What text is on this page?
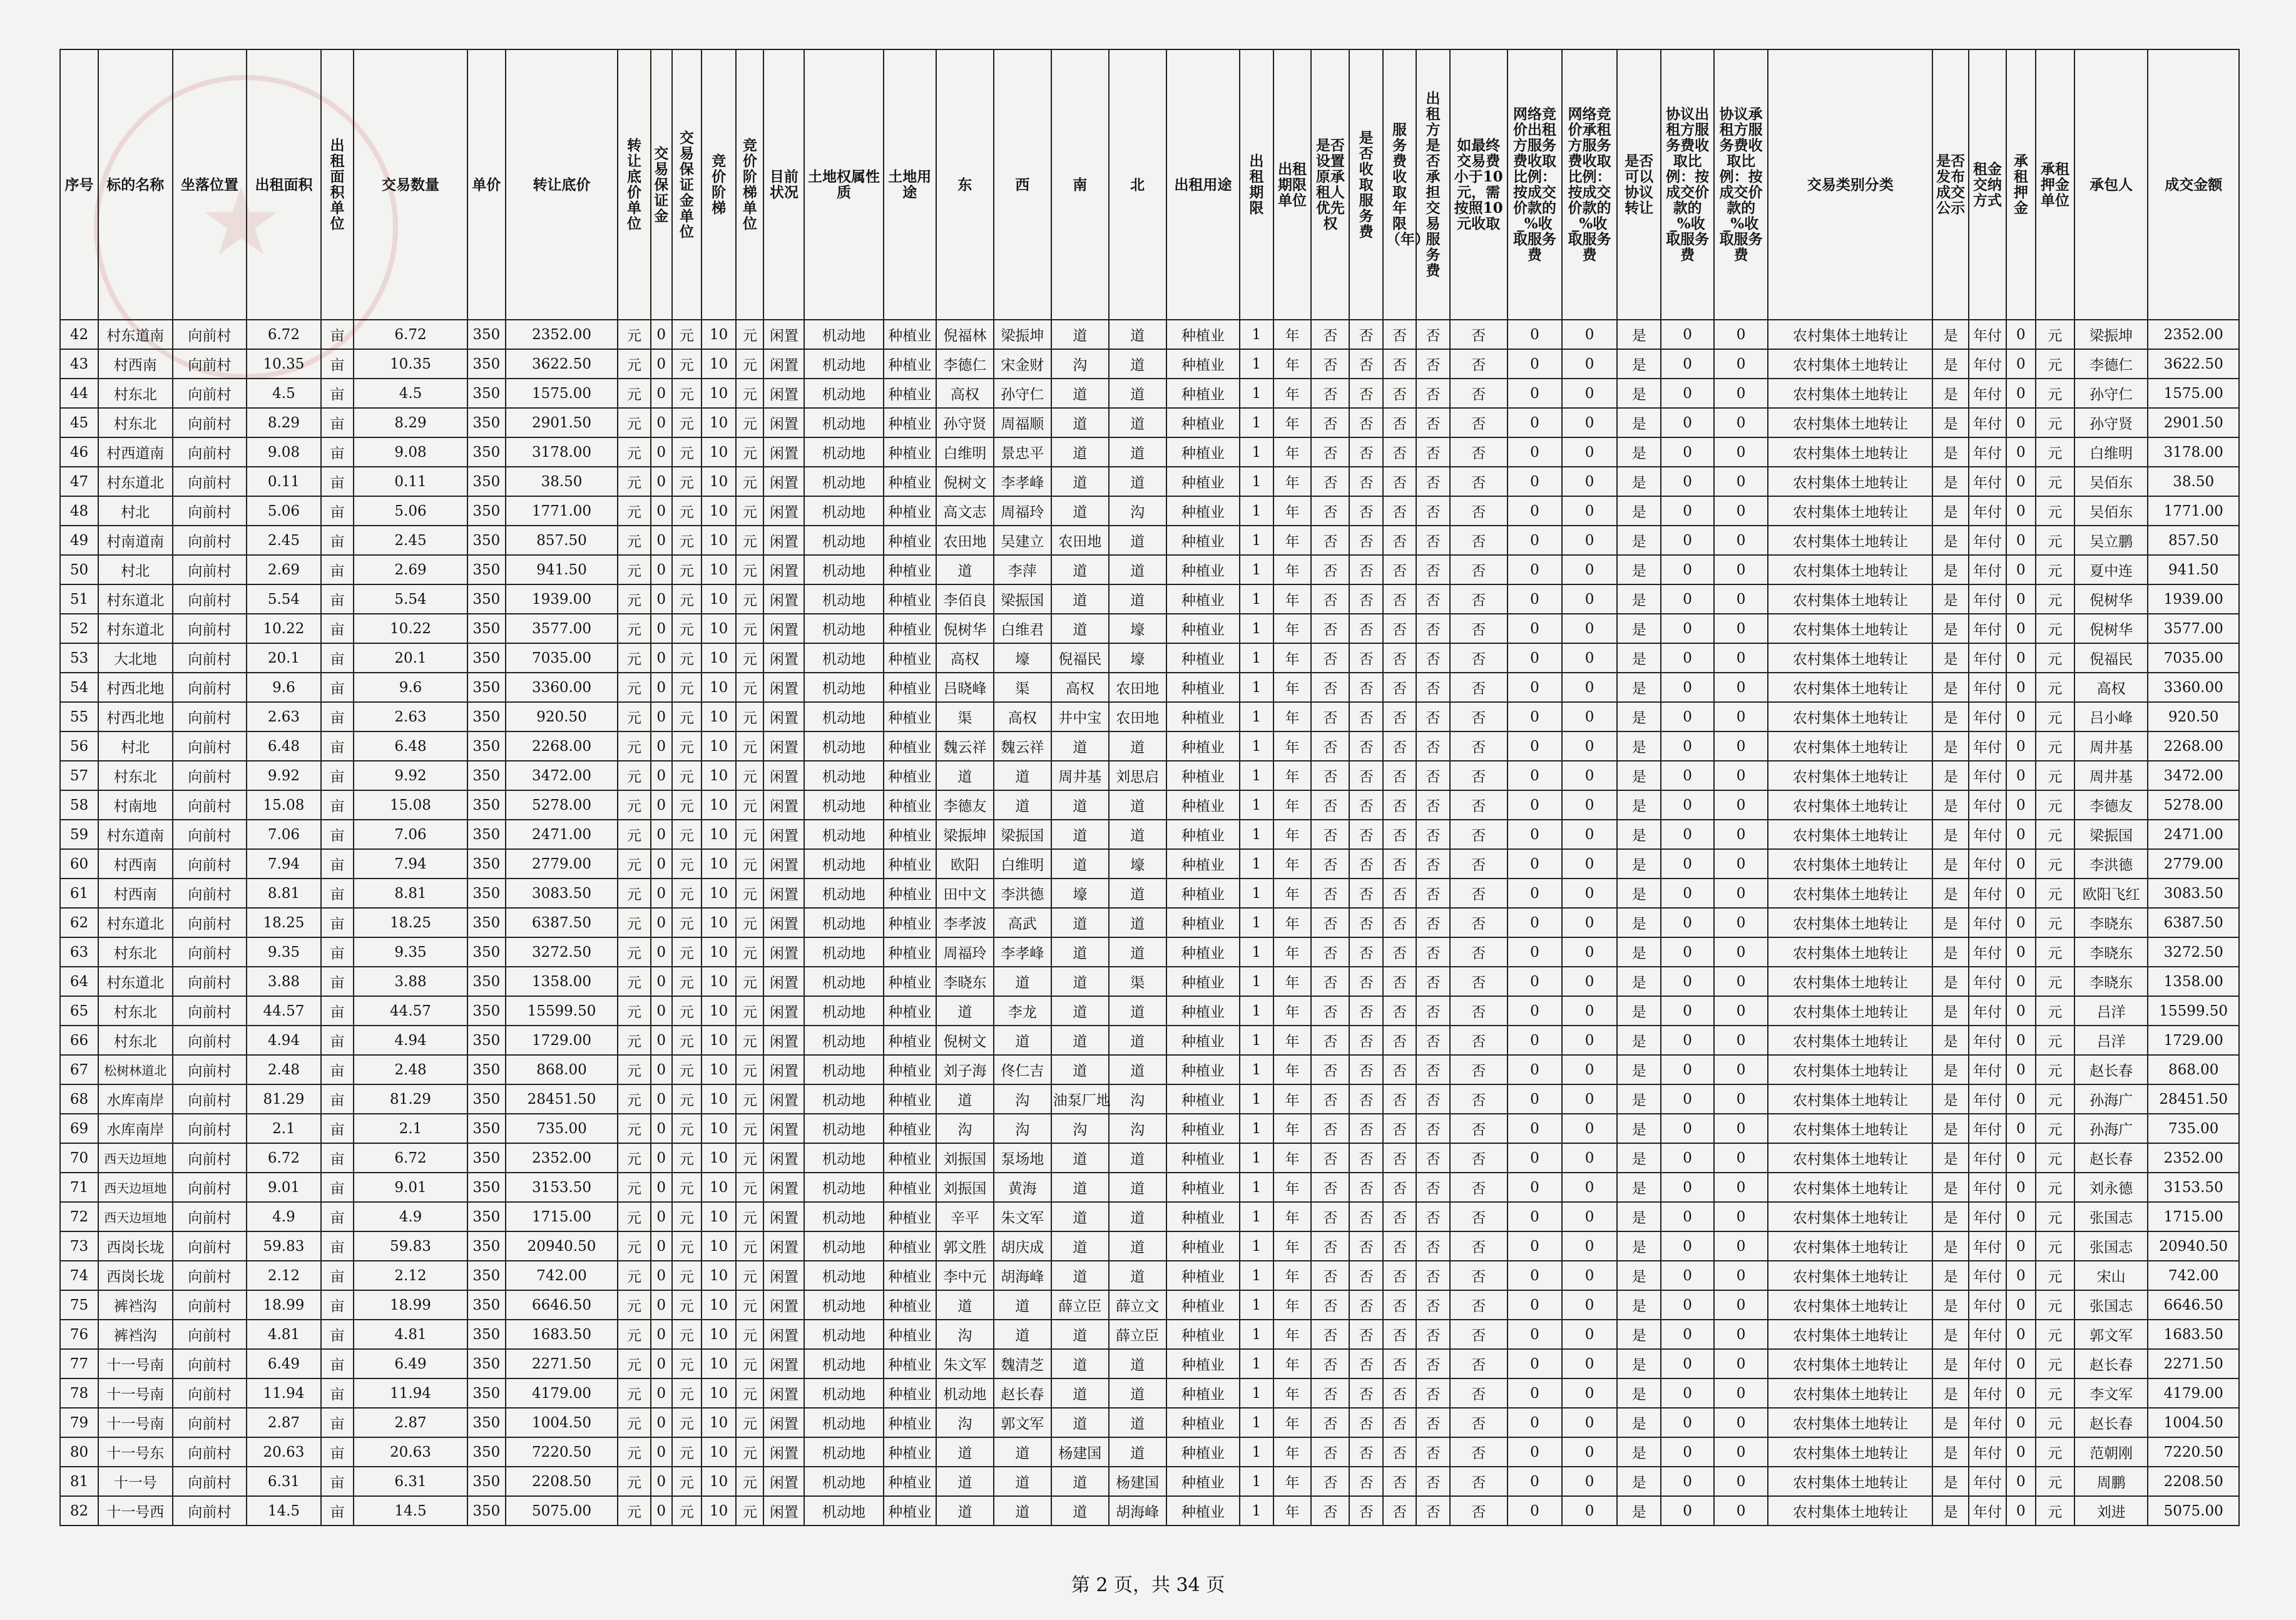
★
序号	标的名称	坐落位置	出租面积	出租面积单位	交易数量	单价	转让底价	转让底价单位	交易保证金	交易保证金单位	竞价阶梯	竞价阶梯单位	目前状况	土地权属性质	土地用途	东	西	南	北	出租用途	出租期限	出租期限单位	是否设置原承租人优先权	是否收取服务费	服务费收取年限（年）	出租方是否承担交易服务费	如最终交易费小于10元，需按照10元收取	网络竞价出租方服务费收取比例：按成交价款的_%收取服务费	网络竞价承租方服务费收取比例：按成交价款的_%收取服务费	是否可以协议转让	协议出租方服务费收取比例：按成交价款的_%收取服务费	协议承租方服务费收取比例：按成交价款的_%收取服务费	交易类别分类	是否发布成交公示	租金交纳方式	承租押金	承租押金单位	承包人	成交金额
42	村东道南	向前村	6.72	亩	6.72	350	2352.00	元	0	元	10	元	闲置	机动地	种植业	倪福林	梁振坤	道	道	种植业	1	年	否	否	否	否	否	0	0	是	0	0	农村集体土地转让	是	年付	0	元	梁振坤	2352.00
43	村西南	向前村	10.35	亩	10.35	350	3622.50	元	0	元	10	元	闲置	机动地	种植业	李德仁	宋金财	沟	道	种植业	1	年	否	否	否	否	否	0	0	是	0	0	农村集体土地转让	是	年付	0	元	李德仁	3622.50
44	村东北	向前村	4.5	亩	4.5	350	1575.00	元	0	元	10	元	闲置	机动地	种植业	高权	孙守仁	道	道	种植业	1	年	否	否	否	否	否	0	0	是	0	0	农村集体土地转让	是	年付	0	元	孙守仁	1575.00
45	村东北	向前村	8.29	亩	8.29	350	2901.50	元	0	元	10	元	闲置	机动地	种植业	孙守贤	周福顺	道	道	种植业	1	年	否	否	否	否	否	0	0	是	0	0	农村集体土地转让	是	年付	0	元	孙守贤	2901.50
46	村西道南	向前村	9.08	亩	9.08	350	3178.00	元	0	元	10	元	闲置	机动地	种植业	白维明	景忠平	道	道	种植业	1	年	否	否	否	否	否	0	0	是	0	0	农村集体土地转让	是	年付	0	元	白维明	3178.00
47	村东道北	向前村	0.11	亩	0.11	350	38.50	元	0	元	10	元	闲置	机动地	种植业	倪树文	李孝峰	道	道	种植业	1	年	否	否	否	否	否	0	0	是	0	0	农村集体土地转让	是	年付	0	元	吴佰东	38.50
48	村北	向前村	5.06	亩	5.06	350	1771.00	元	0	元	10	元	闲置	机动地	种植业	高文志	周福玲	道	沟	种植业	1	年	否	否	否	否	否	0	0	是	0	0	农村集体土地转让	是	年付	0	元	吴佰东	1771.00
49	村南道南	向前村	2.45	亩	2.45	350	857.50	元	0	元	10	元	闲置	机动地	种植业	农田地	吴建立	农田地	道	种植业	1	年	否	否	否	否	否	0	0	是	0	0	农村集体土地转让	是	年付	0	元	吴立鹏	857.50
50	村北	向前村	2.69	亩	2.69	350	941.50	元	0	元	10	元	闲置	机动地	种植业	道	李萍	道	道	种植业	1	年	否	否	否	否	否	0	0	是	0	0	农村集体土地转让	是	年付	0	元	夏中连	941.50
51	村东道北	向前村	5.54	亩	5.54	350	1939.00	元	0	元	10	元	闲置	机动地	种植业	李佰良	梁振国	道	道	种植业	1	年	否	否	否	否	否	0	0	是	0	0	农村集体土地转让	是	年付	0	元	倪树华	1939.00
52	村东道北	向前村	10.22	亩	10.22	350	3577.00	元	0	元	10	元	闲置	机动地	种植业	倪树华	白维君	道	壕	种植业	1	年	否	否	否	否	否	0	0	是	0	0	农村集体土地转让	是	年付	0	元	倪树华	3577.00
53	大北地	向前村	20.1	亩	20.1	350	7035.00	元	0	元	10	元	闲置	机动地	种植业	高权	壕	倪福民	壕	种植业	1	年	否	否	否	否	否	0	0	是	0	0	农村集体土地转让	是	年付	0	元	倪福民	7035.00
54	村西北地	向前村	9.6	亩	9.6	350	3360.00	元	0	元	10	元	闲置	机动地	种植业	吕晓峰	渠	高权	农田地	种植业	1	年	否	否	否	否	否	0	0	是	0	0	农村集体土地转让	是	年付	0	元	高权	3360.00
55	村西北地	向前村	2.63	亩	2.63	350	920.50	元	0	元	10	元	闲置	机动地	种植业	渠	高权	井中宝	农田地	种植业	1	年	否	否	否	否	否	0	0	是	0	0	农村集体土地转让	是	年付	0	元	吕小峰	920.50
56	村北	向前村	6.48	亩	6.48	350	2268.00	元	0	元	10	元	闲置	机动地	种植业	魏云祥	魏云祥	道	道	种植业	1	年	否	否	否	否	否	0	0	是	0	0	农村集体土地转让	是	年付	0	元	周井基	2268.00
57	村东北	向前村	9.92	亩	9.92	350	3472.00	元	0	元	10	元	闲置	机动地	种植业	道	道	周井基	刘思启	种植业	1	年	否	否	否	否	否	0	0	是	0	0	农村集体土地转让	是	年付	0	元	周井基	3472.00
58	村南地	向前村	15.08	亩	15.08	350	5278.00	元	0	元	10	元	闲置	机动地	种植业	李德友	道	道	道	种植业	1	年	否	否	否	否	否	0	0	是	0	0	农村集体土地转让	是	年付	0	元	李德友	5278.00
59	村东道南	向前村	7.06	亩	7.06	350	2471.00	元	0	元	10	元	闲置	机动地	种植业	梁振坤	梁振国	道	道	种植业	1	年	否	否	否	否	否	0	0	是	0	0	农村集体土地转让	是	年付	0	元	梁振国	2471.00
60	村西南	向前村	7.94	亩	7.94	350	2779.00	元	0	元	10	元	闲置	机动地	种植业	欧阳	白维明	道	壕	种植业	1	年	否	否	否	否	否	0	0	是	0	0	农村集体土地转让	是	年付	0	元	李洪德	2779.00
61	村西南	向前村	8.81	亩	8.81	350	3083.50	元	0	元	10	元	闲置	机动地	种植业	田中文	李洪德	壕	道	种植业	1	年	否	否	否	否	否	0	0	是	0	0	农村集体土地转让	是	年付	0	元	欧阳飞红	3083.50
62	村东道北	向前村	18.25	亩	18.25	350	6387.50	元	0	元	10	元	闲置	机动地	种植业	李孝波	高武	道	道	种植业	1	年	否	否	否	否	否	0	0	是	0	0	农村集体土地转让	是	年付	0	元	李晓东	6387.50
63	村东北	向前村	9.35	亩	9.35	350	3272.50	元	0	元	10	元	闲置	机动地	种植业	周福玲	李孝峰	道	道	种植业	1	年	否	否	否	否	否	0	0	是	0	0	农村集体土地转让	是	年付	0	元	李晓东	3272.50
64	村东道北	向前村	3.88	亩	3.88	350	1358.00	元	0	元	10	元	闲置	机动地	种植业	李晓东	道	道	渠	种植业	1	年	否	否	否	否	否	0	0	是	0	0	农村集体土地转让	是	年付	0	元	李晓东	1358.00
65	村东北	向前村	44.57	亩	44.57	350	15599.50	元	0	元	10	元	闲置	机动地	种植业	道	李龙	道	道	种植业	1	年	否	否	否	否	否	0	0	是	0	0	农村集体土地转让	是	年付	0	元	吕洋	15599.50
66	村东北	向前村	4.94	亩	4.94	350	1729.00	元	0	元	10	元	闲置	机动地	种植业	倪树文	道	道	道	种植业	1	年	否	否	否	否	否	0	0	是	0	0	农村集体土地转让	是	年付	0	元	吕洋	1729.00
67	松树林道北	向前村	2.48	亩	2.48	350	868.00	元	0	元	10	元	闲置	机动地	种植业	刘子海	佟仁吉	道	道	种植业	1	年	否	否	否	否	否	0	0	是	0	0	农村集体土地转让	是	年付	0	元	赵长春	868.00
68	水库南岸	向前村	81.29	亩	81.29	350	28451.50	元	0	元	10	元	闲置	机动地	种植业	道	沟	油泵厂地	沟	种植业	1	年	否	否	否	否	否	0	0	是	0	0	农村集体土地转让	是	年付	0	元	孙海广	28451.50
69	水库南岸	向前村	2.1	亩	2.1	350	735.00	元	0	元	10	元	闲置	机动地	种植业	沟	沟	沟	沟	种植业	1	年	否	否	否	否	否	0	0	是	0	0	农村集体土地转让	是	年付	0	元	孙海广	735.00
70	西天边垣地	向前村	6.72	亩	6.72	350	2352.00	元	0	元	10	元	闲置	机动地	种植业	刘振国	泵场地	道	道	种植业	1	年	否	否	否	否	否	0	0	是	0	0	农村集体土地转让	是	年付	0	元	赵长春	2352.00
71	西天边垣地	向前村	9.01	亩	9.01	350	3153.50	元	0	元	10	元	闲置	机动地	种植业	刘振国	黄海	道	道	种植业	1	年	否	否	否	否	否	0	0	是	0	0	农村集体土地转让	是	年付	0	元	刘永德	3153.50
72	西天边垣地	向前村	4.9	亩	4.9	350	1715.00	元	0	元	10	元	闲置	机动地	种植业	辛平	朱文军	道	道	种植业	1	年	否	否	否	否	否	0	0	是	0	0	农村集体土地转让	是	年付	0	元	张国志	1715.00
73	西岗长垅	向前村	59.83	亩	59.83	350	20940.50	元	0	元	10	元	闲置	机动地	种植业	郭文胜	胡庆成	道	道	种植业	1	年	否	否	否	否	否	0	0	是	0	0	农村集体土地转让	是	年付	0	元	张国志	20940.50
74	西岗长垅	向前村	2.12	亩	2.12	350	742.00	元	0	元	10	元	闲置	机动地	种植业	李中元	胡海峰	道	道	种植业	1	年	否	否	否	否	否	0	0	是	0	0	农村集体土地转让	是	年付	0	元	宋山	742.00
75	裤裆沟	向前村	18.99	亩	18.99	350	6646.50	元	0	元	10	元	闲置	机动地	种植业	道	道	薛立臣	薛立文	种植业	1	年	否	否	否	否	否	0	0	是	0	0	农村集体土地转让	是	年付	0	元	张国志	6646.50
76	裤裆沟	向前村	4.81	亩	4.81	350	1683.50	元	0	元	10	元	闲置	机动地	种植业	沟	道	道	薛立臣	种植业	1	年	否	否	否	否	否	0	0	是	0	0	农村集体土地转让	是	年付	0	元	郭文军	1683.50
77	十一号南	向前村	6.49	亩	6.49	350	2271.50	元	0	元	10	元	闲置	机动地	种植业	朱文军	魏清芝	道	道	种植业	1	年	否	否	否	否	否	0	0	是	0	0	农村集体土地转让	是	年付	0	元	赵长春	2271.50
78	十一号南	向前村	11.94	亩	11.94	350	4179.00	元	0	元	10	元	闲置	机动地	种植业	机动地	赵长春	道	道	种植业	1	年	否	否	否	否	否	0	0	是	0	0	农村集体土地转让	是	年付	0	元	李文军	4179.00
79	十一号南	向前村	2.87	亩	2.87	350	1004.50	元	0	元	10	元	闲置	机动地	种植业	沟	郭文军	道	道	种植业	1	年	否	否	否	否	否	0	0	是	0	0	农村集体土地转让	是	年付	0	元	赵长春	1004.50
80	十一号东	向前村	20.63	亩	20.63	350	7220.50	元	0	元	10	元	闲置	机动地	种植业	道	道	杨建国	道	种植业	1	年	否	否	否	否	否	0	0	是	0	0	农村集体土地转让	是	年付	0	元	范朝刚	7220.50
81	十一号	向前村	6.31	亩	6.31	350	2208.50	元	0	元	10	元	闲置	机动地	种植业	道	道	道	杨建国	种植业	1	年	否	否	否	否	否	0	0	是	0	0	农村集体土地转让	是	年付	0	元	周鹏	2208.50
82	十一号西	向前村	14.5	亩	14.5	350	5075.00	元	0	元	10	元	闲置	机动地	种植业	道	道	道	胡海峰	种植业	1	年	否	否	否	否	否	0	0	是	0	0	农村集体土地转让	是	年付	0	元	刘进	5075.00
第 2 页，共 34 页
